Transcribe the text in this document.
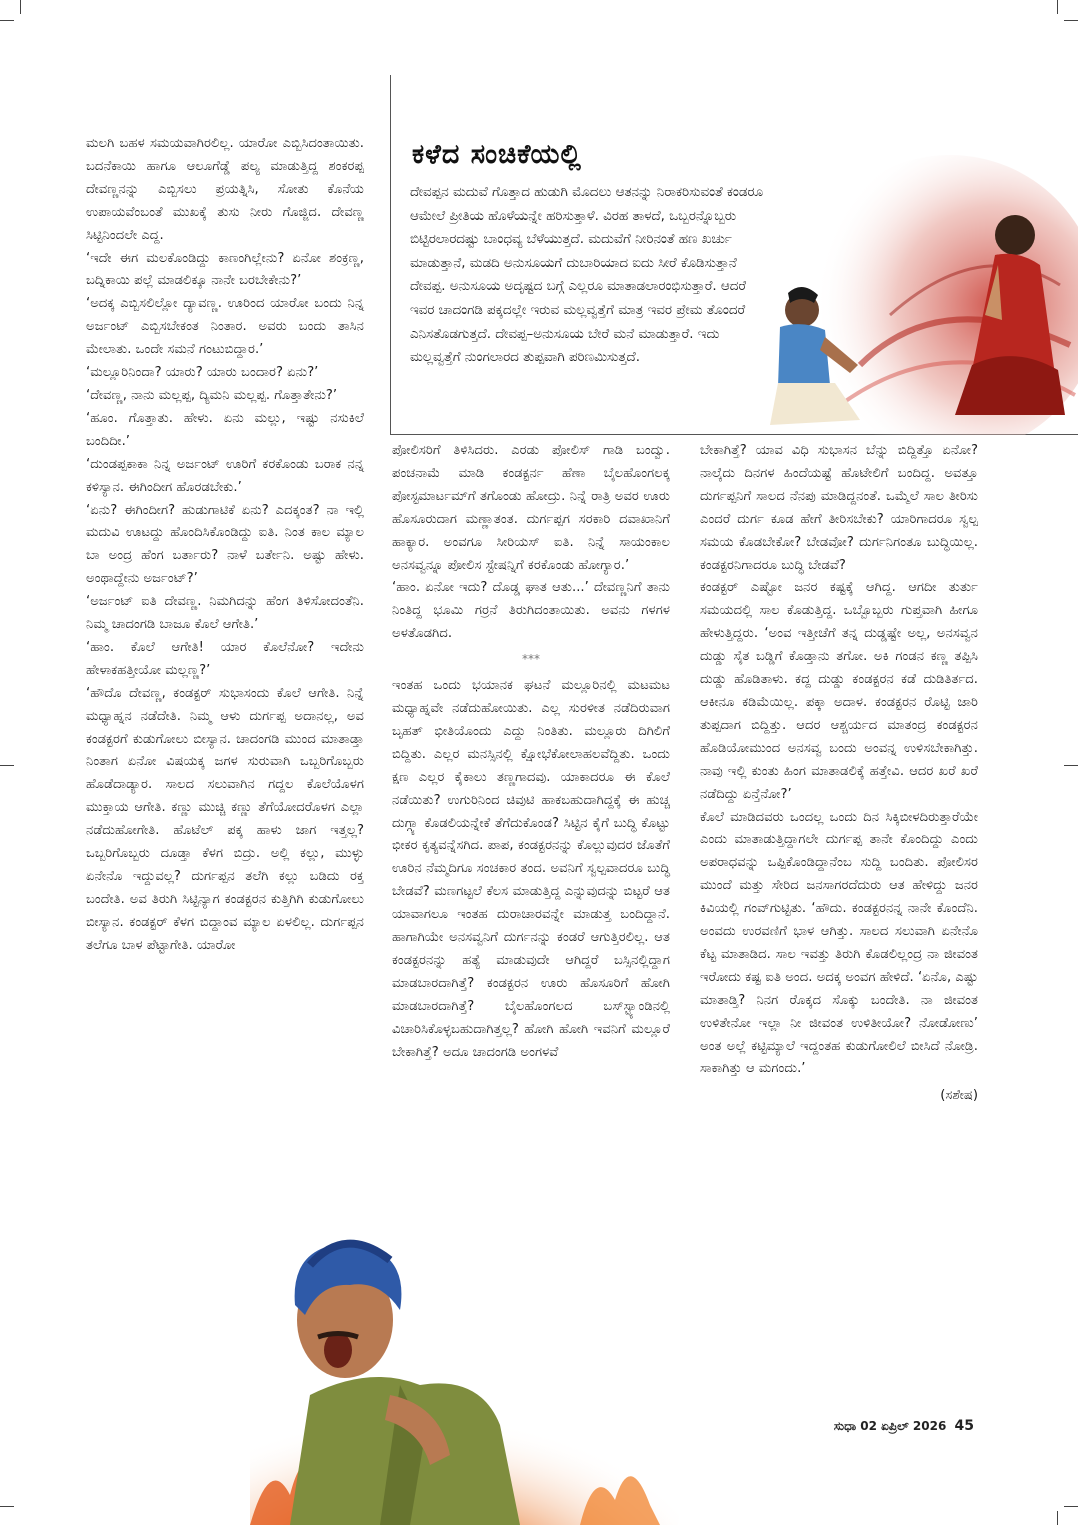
ಕಳೆದ ಸಂಚಿಕೆಯಲ್ಲಿ
ದೇವಪ್ಪನ ಮದುವೆ ಗೊತ್ತಾದ ಹುಡುಗಿ ಮೊದಲು ಆತನನ್ನು ನಿರಾಕರಿಸುವಂತೆ ಕಂಡರೂ ಆಮೇಲೆ ಪ್ರೀತಿಯ ಹೊಳೆಯನ್ನೇ ಹರಿಸುತ್ತಾಳೆ. ವಿರಹ ತಾಳದೆ, ಒಬ್ಬರನ್ನೊಬ್ಬರು ಬಿಟ್ಟಿರಲಾರದಷ್ಟು ಬಾಂಧವ್ಯ ಬೆಳೆಯುತ್ತದೆ. ಮದುವೆಗೆ ನೀರಿನಂತೆ ಹಣ ಖರ್ಚು ಮಾಡುತ್ತಾನೆ, ಮಡದಿ ಅನುಸೂಯಗೆ ದುಬಾರಿಯಾದ ಐದು ಸೀರೆ ಕೊಡಿಸುತ್ತಾನೆ ದೇವಪ್ಪ. ಅನುಸೂಯ ಅದೃಷ್ಟದ ಬಗ್ಗೆ ಎಲ್ಲರೂ ಮಾತಾಡಲಾರಂಭಿಸುತ್ತಾರೆ. ಆದರೆ ಇವರ ಚಾದಂಗಡಿ ಪಕ್ಕದಲ್ಲೇ ಇರುವ ಮಲ್ಲವ್ವತ್ತೆಗೆ ಮಾತ್ರ ಇವರ ಪ್ರೇಮ ತೊಂದರೆ ಎನಿಸತೊಡಗುತ್ತದೆ. ದೇವಪ್ಪ–ಅನುಸೂಯ ಬೇರೆ ಮನೆ ಮಾಡುತ್ತಾರೆ. ಇದು ಮಲ್ಲವ್ವತ್ತೆಗೆ ನುಂಗಲಾರದ ತುಪ್ಪವಾಗಿ ಪರಿಣಮಿಸುತ್ತದೆ.

ಮಲಗಿ ಬಹಳ ಸಮಯವಾಗಿರಲಿಲ್ಲ. ಯಾರೋ ಎಬ್ಬಿಸಿದಂತಾಯಿತು. ಬದನೆಕಾಯಿ ಹಾಗೂ ಆಲೂಗೆಡ್ಡೆ ಪಲ್ಯ ಮಾಡುತ್ತಿದ್ದ ಶಂಕರಪ್ಪ ದೇವಣ್ಣನನ್ನು ಎಬ್ಬಿಸಲು ಪ್ರಯತ್ನಿಸಿ, ಸೋತು ಕೊನೆಯ ಉಪಾಯವೆಂಬಂತೆ ಮುಖಕ್ಕೆ ತುಸು ನೀರು ಗೊಜ್ಜಿದ. ದೇವಣ್ಣ ಸಿಟ್ಟಿನಿಂದಲೇ ಎದ್ದ.

‘ಇದೇ ಈಗ ಮಲಕೊಂಡಿದ್ದು ಕಾಣಂಗಿಲ್ಲೇನು? ಏನೋ ಶಂಕ್ರಣ್ಣ, ಬದ್ನಿಕಾಯಿ ಪಲ್ಲೆ ಮಾಡಲಿಕ್ಕೂ ನಾನೇ ಬರಬೇಕೇನು?’

‘ಅದಕ್ಕ ಎಬ್ಬಿಸಲಿಲ್ಲೋ ದ್ಯಾವಣ್ಣ. ಊರಿಂದ ಯಾರೋ ಬಂದು ನಿನ್ನ ಅರ್ಜಂಟ್ ಎಬ್ಬಿಸಬೇಕಂತ ನಿಂತಾರ. ಅವರು ಬಂದು ತಾಸಿನ ಮೇಲಾತು. ಒಂದೇ ಸಮನೆ ಗಂಟುಬಿದ್ದಾರ.’

‘ಮಲ್ಲೂರಿನಿಂದಾ? ಯಾರು? ಯಾರು ಬಂದಾರ? ಏನು?’

‘ದೇವಣ್ಣ, ನಾನು ಮಲ್ಲಪ್ಪ, ದ್ಯಿಮನಿ ಮಲ್ಲಪ್ಪ. ಗೊತ್ತಾತೇನು?’

‘ಹೂಂ. ಗೊತ್ತಾತು. ಹೇಳು. ಏನು ಮಲ್ಲು, ಇಷ್ಟು ನಸುಕಿಲೆ ಬಂದಿದೀ.’

‘ದುಂಡಪ್ಪಕಾಕಾ ನಿನ್ನ ಅರ್ಜಂಟ್ ಊರಿಗೆ ಕರಕೊಂಡು ಬರಾಕ ನನ್ನ ಕಳಿಸ್ಯಾನ. ಈಗಿಂದೀಗ ಹೊರಡಬೇಕು.’

‘ಏನು? ಈಗಿಂದೀಗ? ಹುಡುಗಾಟಿಕೆ ಏನು? ಎದಕ್ಕಂತ? ನಾ ಇಲ್ಲಿ ಮದುವಿ ಊಟದ್ದು ಹೊಂದಿಸಿಕೊಂಡಿದ್ದು ಐತಿ. ನಿಂತ ಕಾಲ ಮ್ಯಾಲ ಬಾ ಅಂದ್ರ ಹೆಂಗ ಬರ್ತಾರು? ನಾಳೆ ಬರ್ತೇನಿ. ಅಷ್ಟು ಹೇಳು. ಅಂಥಾದ್ದೇನು ಅರ್ಜಂಟ್?’

‘ಅರ್ಜಂಟ್ ಐತಿ ದೇವಣ್ಣ. ನಿಮಗಿದನ್ನು ಹೆಂಗ ತಿಳಿಸೋದಂತೆನಿ. ನಿಮ್ಮ ಚಾದಂಗಡಿ ಬಾಜೂ ಕೊಲೆ ಆಗೇತಿ.’

‘ಹಾಂ. ಕೊಲೆ ಆಗೇತಿ! ಯಾರ ಕೊಲೆನೋ? ಇದೇನು ಹೇಳಾಕಹತ್ತೀಯೋ ಮಲ್ಲಣ್ಣ?’

‘ಹೌದೊ ದೇವಣ್ಣ, ಕಂಡಕ್ಟರ್ ಸುಭಾಸಂದು ಕೊಲೆ ಆಗೇತಿ. ನಿನ್ನೆ ಮಧ್ಯಾಹ್ನನ ನಡೆದೇತಿ. ನಿಮ್ಮ ಆಳು ದುರ್ಗಪ್ಪ ಅದಾನಲ್ಲ, ಅವ ಕಂಡಕ್ಟರಗೆ ಕುಡುಗೋಲು ಬೀಸ್ಯಾನ. ಚಾದಂಗಡಿ ಮುಂದ ಮಾತಾಡ್ತಾ ನಿಂತಾಗ ಏನೋ ವಿಷಯಕ್ಕ ಜಗಳ ಸುರುವಾಗಿ ಒಬ್ಬರಿಗೊಬ್ಬರು ಹೊಡೆದಾಡ್ಯಾರ. ಸಾಲದ ಸಲುವಾಗಿನ ಗದ್ದಲ ಕೊಲೆಯೊಳಗ ಮುಕ್ತಾಯ ಆಗೇತಿ. ಕಣ್ಣು ಮುಚ್ಚಿ ಕಣ್ಣು ತೆಗೆಯೋದರೊಳಗ ಎಲ್ಲಾ ನಡೆದುಹೋಗೇತಿ. ಹೊಟೆಲ್ ಪಕ್ಕ ಹಾಳು ಜಾಗ ಇತ್ತಲ್ಲ? ಒಬ್ಬರಿಗೊಬ್ಬರು ದೂಡ್ತಾ ಕೆಳಗ ಬಿದ್ರು. ಅಲ್ಲಿ ಕಲ್ಲು, ಮುಳ್ಳು ಏನೇನೊ ಇದ್ದುವಲ್ಲ? ದುರ್ಗಪ್ಪನ ತಲೆಗಿ ಕಲ್ಲು ಬಡಿದು ರಕ್ತ ಬಂದೇತಿ. ಅವ ತಿರುಗಿ ಸಿಟ್ಟಿನ್ಯಾಗ ಕಂಡಕ್ಟರನ ಕುತ್ತಿಗಿಗಿ ಕುಡುಗೋಲು ಬೀಸ್ಯಾನ. ಕಂಡಕ್ಟರ್ ಕೆಳಗ ಬಿದ್ದಾಂವ ಮ್ಯಾಲ ಏಳಲಿಲ್ಲ. ದುರ್ಗಪ್ಪನ ತಲೆಗೂ ಬಾಳ ಪೆಟ್ಟಾಗೇತಿ. ಯಾರೋ

ಪೋಲಿಸರಿಗೆ ತಿಳಿಸಿದರು. ಎರಡು ಪೋಲಿಸ್ ಗಾಡಿ ಬಂದ್ವು. ಪಂಚನಾಮೆ ಮಾಡಿ ಕಂಡಕ್ಟರ್ನ ಹೆಣಾ ಬೈಲಹೊಂಗಲಕ್ಕ ಪೋಸ್ಟಮಾರ್ಟಮ್‌ಗೆ ತಗೊಂಡು ಹೋದ್ರು. ನಿನ್ನೆ ರಾತ್ರಿ ಅವರ ಊರು ಹೊಸೂರುದಾಗ ಮಣ್ಣಾತಂತ. ದುರ್ಗಪ್ಪಗ ಸರಕಾರಿ ದವಾಖಾನಿಗೆ ಹಾಕ್ಯಾರ. ಅಂವಗೂ ಸೀರಿಯಸ್ ಐತಿ. ನಿನ್ನೆ ಸಾಯಂಕಾಲ ಅನಸವ್ವನ್ನೂ ಪೋಲಿಸ ಸ್ಟೇಷನ್ನಿಗೆ ಕರಕೊಂಡು ಹೋಗ್ಯಾರ.’

‘ಹಾಂ. ಏನೋ ಇದು? ದೊಡ್ಡ ಘಾತ ಆತು...’ ದೇವಣ್ಣನಿಗೆ ತಾನು ನಿಂತಿದ್ದ ಭೂಮಿ ಗರ್ರನೆ ತಿರುಗಿದಂತಾಯಿತು. ಅವನು ಗಳಗಳ ಅಳತೊಡಗಿದ.

***

ಇಂತಹ ಒಂದು ಭಯಾನಕ ಘಟನೆ ಮಲ್ಲೂರಿನಲ್ಲಿ ಮಟಮಟ ಮಧ್ಯಾಹ್ನವೇ ನಡೆದುಹೋಯಿತು. ಎಲ್ಲ ಸುರಳೀತ ನಡೆದಿರುವಾಗ ಬೃಹತ್ ಭೀತಿಯೊಂದು ಎದ್ದು ನಿಂತಿತು. ಮಲ್ಲೂರು ದಿಗಿಲಿಗೆ ಬಿದ್ದಿತು. ಎಲ್ಲರ ಮನಸ್ಸಿನಲ್ಲಿ ಕ್ಷೋಭೆಕೋಲಾಹಲವೆದ್ದಿತು. ಒಂದು ಕ್ಷಣ ಎಲ್ಲರ ಕೈಕಾಲು ತಣ್ಣಗಾದವು. ಯಾಕಾದರೂ ಈ ಕೊಲೆ ನಡೆಯಿತು? ಉಗುರಿನಿಂದ ಚಿವುಟಿ ಹಾಕಬಹುದಾಗಿದ್ದಕ್ಕೆ ಈ ಹುಚ್ಚ ದುಗ್ಗ್ಯಾ ಕೊಡಲಿಯನ್ನೇಕೆ ತೆಗೆದುಕೊಂಡ? ಸಿಟ್ಟಿನ ಕೈಗೆ ಬುದ್ಧಿ ಕೊಟ್ಟು ಭೀಕರ ಕೃತ್ಯವನ್ನೆಸಗಿದ. ಪಾಪ, ಕಂಡಕ್ಟರನನ್ನು ಕೊಲ್ಲುವುದರ ಜೊತೆಗೆ ಊರಿನ ನೆಮ್ಮದಿಗೂ ಸಂಚಕಾರ ತಂದ. ಅವನಿಗೆ ಸ್ವಲ್ಪವಾದರೂ ಬುದ್ಧಿ ಬೇಡವೆ? ಮಣಗಟ್ಟಲೆ ಕೆಲಸ ಮಾಡುತ್ತಿದ್ದ ಎನ್ನುವುದನ್ನು ಬಿಟ್ಟರೆ ಆತ ಯಾವಾಗಲೂ ಇಂತಹ ದುರಾಚಾರವನ್ನೇ ಮಾಡುತ್ತ ಬಂದಿದ್ದಾನೆ. ಹಾಗಾಗಿಯೇ ಅನಸವ್ವನಿಗೆ ದುರ್ಗನನ್ನು ಕಂಡರೆ ಆಗುತ್ತಿರಲಿಲ್ಲ. ಆತ ಕಂಡಕ್ಟರನನ್ನು ಹತ್ಯೆ ಮಾಡುವುದೇ ಆಗಿದ್ದರೆ ಬಸ್ಸಿನಲ್ಲಿದ್ದಾಗ ಮಾಡಬಾರದಾಗಿತ್ತೆ? ಕಂಡಕ್ಟರನ ಊರು ಹೊಸೂರಿಗೆ ಹೋಗಿ ಮಾಡಬಾರದಾಗಿತ್ತೆ? ಬೈಲಹೊಂಗಲದ ಬಸ್‌ಸ್ಟ್ಯಾಂಡಿನಲ್ಲಿ ವಿಚಾರಿಸಿಕೊಳ್ಳಬಹುದಾಗಿತ್ತಲ್ಲ? ಹೋಗಿ ಹೋಗಿ ಇವನಿಗೆ ಮಲ್ಲೂರೆ ಬೇಕಾಗಿತ್ತೆ? ಅದೂ ಚಾದಂಗಡಿ ಅಂಗಳವೆ

ಬೇಕಾಗಿತ್ತೆ? ಯಾವ ವಿಧಿ ಸುಭಾಸನ ಬೆನ್ನು ಬಿದ್ದಿತ್ತೊ ಏನೋ? ನಾಲ್ಕೆದು ದಿನಗಳ ಹಿಂದೆಯಷ್ಟೆ ಹೊಟೇಲಿಗೆ ಬಂದಿದ್ದ. ಅವತ್ತೂ ದುರ್ಗಪ್ಪನಿಗೆ ಸಾಲದ ನೆನಪು ಮಾಡಿದ್ದನಂತೆ. ಒಮ್ಮೆಲೆ ಸಾಲ ತೀರಿಸು ಎಂದರೆ ದುರ್ಗ ಕೂಡ ಹೇಗೆ ತೀರಿಸಬೇಕು? ಯಾರಿಗಾದರೂ ಸ್ವಲ್ಪ ಸಮಯ ಕೊಡಬೇಕೋ? ಬೇಡವೋ? ದುರ್ಗನಿಗಂತೂ ಬುದ್ಧಿಯಿಲ್ಲ. ಕಂಡಕ್ಟರನಿಗಾದರೂ ಬುದ್ಧಿ ಬೇಡವೆ?

ಕಂಡಕ್ಟರ್ ಎಷ್ಟೋ ಜನರ ಕಷ್ಟಕ್ಕೆ ಆಗಿದ್ದ. ಆಗದೀ ತುರ್ತು ಸಮಯದಲ್ಲಿ ಸಾಲ ಕೊಡುತ್ತಿದ್ದ. ಒಬ್ಬೊಬ್ಬರು ಗುಪ್ತವಾಗಿ ಹೀಗೂ ಹೇಳುತ್ತಿದ್ದರು. ‘ಅಂವ ಇತ್ತೀಚೆಗೆ ತನ್ನ ದುಡ್ಡಷ್ಟೇ ಅಲ್ಲ, ಅನಸವ್ವನ ದುಡ್ಡು ಸೈತ ಬಡ್ಡಿಗೆ ಕೊಡ್ತಾನು ತಗೋ. ಅಕಿ ಗಂಡನ ಕಣ್ಣ ತಪ್ಪಿಸಿ ದುಡ್ಡು ಹೊಡಿತಾಳು. ಕದ್ದ ದುಡ್ಡು ಕಂಡಕ್ಟರನ ಕಡೆ ದುಡಿತಿರ್ತದ. ಆಕೀನೂ ಕಡಿಮೆಯಿಲ್ಲ. ಪಕ್ಕಾ ಅದಾಳ. ಕಂಡಕ್ಟರನ ರೊಟ್ಟಿ ಜಾರಿ ತುಪ್ಪದಾಗ ಬಿದ್ದಿತ್ತು. ಆದರ ಆಶ್ಚರ್ಯದ ಮಾತಂದ್ರ ಕಂಡಕ್ಟರನ ಹೊಡಿಯೋಮುಂದ ಅನಸವ್ವ ಬಂದು ಅಂವನ್ನ ಉಳಿಸಬೇಕಾಗಿತ್ತು. ನಾವು ಇಲ್ಲಿ ಕುಂತು ಹಿಂಗ ಮಾತಾಡಲಿಕ್ಕೆ ಹತ್ತೇವಿ. ಆದರ ಖರೆ ಖರೆ ನಡೆದಿದ್ದು ಏನ್ತೆನೋ?’

ಕೊಲೆ ಮಾಡಿದವರು ಒಂದಲ್ಲ ಒಂದು ದಿನ ಸಿಕ್ಕಿಬೀಳದಿರುತ್ತಾರೆಯೇ ಎಂದು ಮಾತಾಡುತ್ತಿದ್ದಾಗಲೇ ದುರ್ಗಪ್ಪ ತಾನೇ ಕೊಂದಿದ್ದು ಎಂದು ಅಪರಾಧವನ್ನು ಒಪ್ಪಿಕೊಂಡಿದ್ದಾನೆಂಬ ಸುದ್ದಿ ಬಂದಿತು. ಪೋಲಿಸರ ಮುಂದೆ ಮತ್ತು ಸೇರಿದ ಜನಸಾಗರದೆದುರು ಆತ ಹೇಳಿದ್ದು ಜನರ ಕಿವಿಯಲ್ಲಿ ಗಂವ್‌ಗುಟ್ಟಿತು. ‘ಹೌದು. ಕಂಡಕ್ಟರನನ್ನ ನಾನೇ ಕೊಂದೆನಿ. ಅಂವದು ಉರವಣಿಗೆ ಭಾಳ ಆಗಿತ್ತು. ಸಾಲದ ಸಲುವಾಗಿ ಏನೇನೊ ಕೆಟ್ಟ ಮಾತಾಡಿದ. ಸಾಲ ಇವತ್ತು ತಿರುಗಿ ಕೊಡಲಿಲ್ಲಂದ್ರ ನಾ ಜೀವಂತ ಇರೋದು ಕಷ್ಟ ಐತಿ ಅಂದ. ಅದಕ್ಕ ಅಂವಗ ಹೇಳಿದೆ. ‘ಏನೊ, ಎಷ್ಟು ಮಾತಾಡ್ತಿ? ನಿನಗ ರೊಕ್ಕದ ಸೊಕ್ಕು ಬಂದೇತಿ. ನಾ ಜೀವಂತ ಉಳಿತೇನೋ ಇಲ್ಲಾ ನೀ ಜೀವಂತ ಉಳಿತೀಯೋ? ನೋಡೋಣು’ ಅಂತ ಅಲ್ಲೆ ಕಟ್ಟಿಮ್ಯಾಲೆ ಇದ್ದಂತಹ ಕುಡುಗೋಲಿಲೆ ಬೀಸಿದೆ ನೋಡ್ರಿ. ಸಾಕಾಗಿತ್ತು ಆ ಮಗಂದು.’

(ಸಶೇಷ)
ಸುಧಾ 02 ಏಪ್ರಿಲ್ 2026 45
